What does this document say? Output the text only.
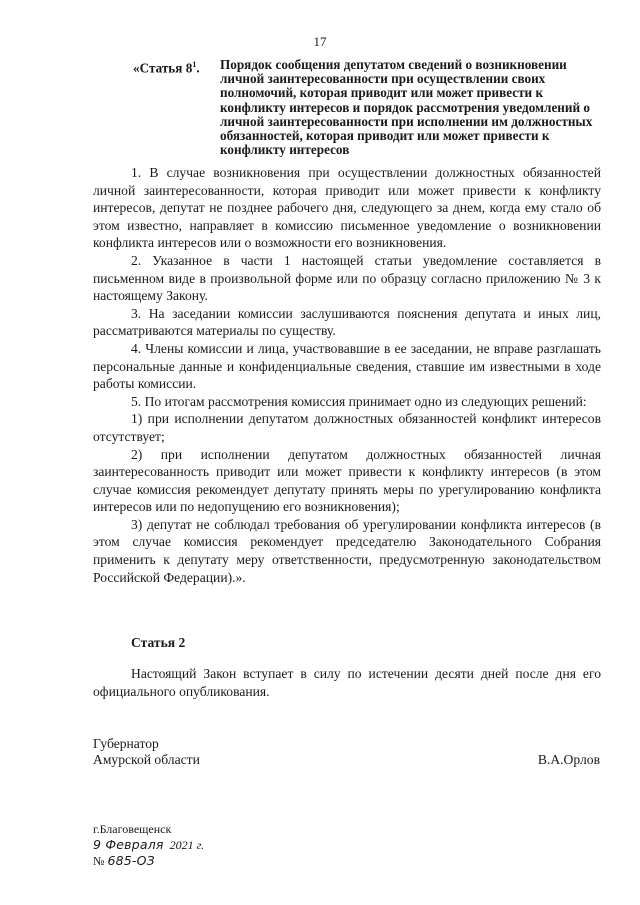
17
«Статья $8^1$. Порядок сообщения депутатом сведений о возникновении личной заинтересованности при осуществлении своих полномочий, которая приводит или может привести к конфликту интересов и порядок рассмотрения уведомлений о личной заинтересованности при исполнении им должностных обязанностей, которая приводит или может привести к конфликту интересов

1. В случае возникновения при осуществлении должностных обязанностей личной заинтересованности, которая приводит или может привести к конфликту интересов, депутат не позднее рабочего дня, следующего за днем, когда ему стало об этом известно, направляет в комиссию письменное уведомление о возникновении конфликта интересов или о возможности его возникновения.

2. Указанное в части 1 настоящей статьи уведомление составляется в письменном виде в произвольной форме или по образцу согласно приложению № 3 к настоящему Закону.

3. На заседании комиссии заслушиваются пояснения депутата и иных лиц, рассматриваются материалы по существу.

4. Члены комиссии и лица, участвовавшие в ее заседании, не вправе разглашать персональные данные и конфиденциальные сведения, ставшие им известными в ходе работы комиссии.

5. По итогам рассмотрения комиссия принимает одно из следующих решений:

1) при исполнении депутатом должностных обязанностей конфликт интересов отсутствует;

2) при исполнении депутатом должностных обязанностей личная заинтересованность приводит или может привести к конфликту интересов (в этом случае комиссия рекомендует депутату принять меры по урегулированию конфликта интересов или по недопущению его возникновения);

3) депутат не соблюдал требования об урегулировании конфликта интересов (в этом случае комиссия рекомендует председателю Законодательного Собрания применить к депутату меру ответственности, предусмотренную законодательством Российской Федерации).».

Статья 2

Настоящий Закон вступает в силу по истечении десяти дней после дня его официального опубликования.

Губернатор
Амурской области	В.А.Орлов
г.Благовещенск
9 Февраля 2021 г.
№ 685-ОЗ
